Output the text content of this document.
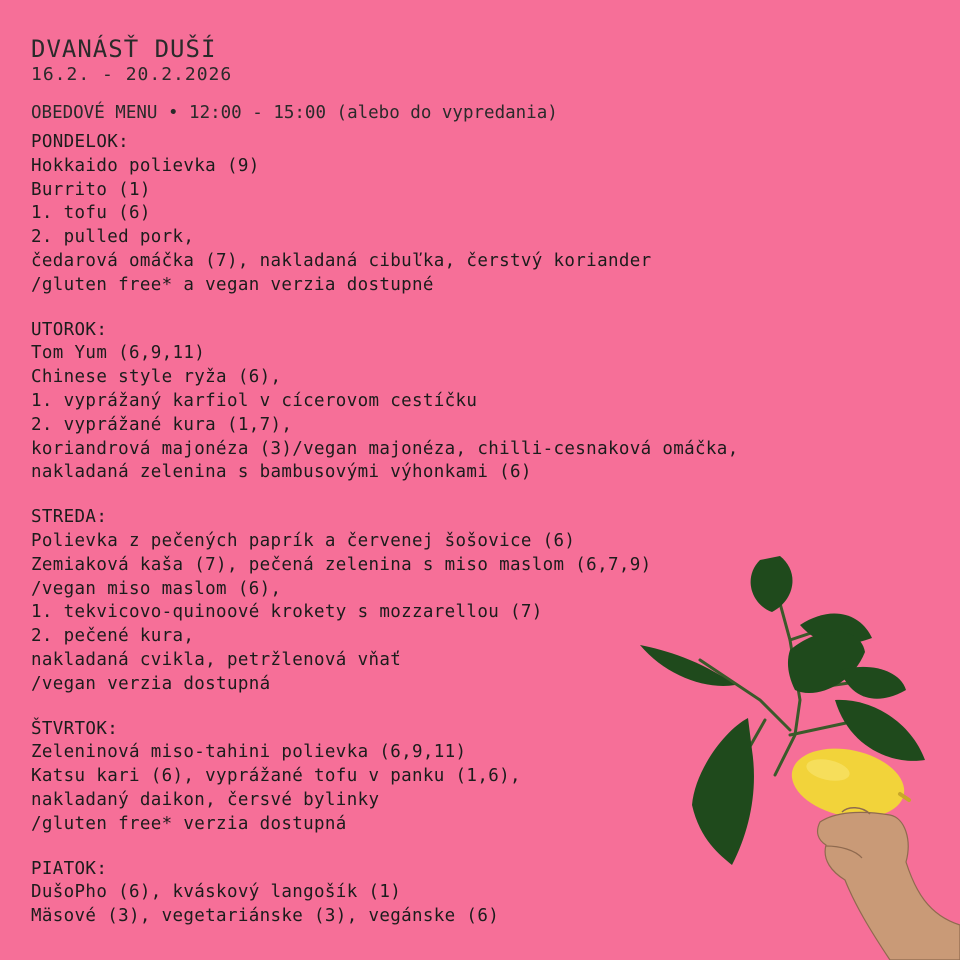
DVANÁSŤ DUŠÍ
16.2. - 20.2.2026
OBEDOVÉ MENU • 12:00 - 15:00 (alebo do vypredania)
PONDELOK:
Hokkaido polievka (9)
Burrito (1)
1. tofu (6)
2. pulled pork,
čedarová omáčka (7), nakladaná cibuľka, čerstvý koriander
/gluten free* a vegan verzia dostupné
UTOROK:
Tom Yum (6,9,11)
Chinese style ryža (6),
1. vyprážaný karfiol v cícerovom cestíčku
2. vyprážané kura (1,7),
koriandrová majonéza (3)/vegan majonéza, chilli-cesnaková omáčka,
nakladaná zelenina s bambusovými výhonkami (6)
STREDA:
Polievka z pečených paprík a červenej šošovice (6)
Zemiaková kaša (7), pečená zelenina s miso maslom (6,7,9)
/vegan miso maslom (6),
1. tekvicovo-quinoové krokety s mozzarellou (7)
2. pečené kura,
nakladaná cvikla, petržlenová vňať
/vegan verzia dostupná
ŠTVRTOK:
Zeleninová miso-tahini polievka (6,9,11)
Katsu kari (6), vyprážané tofu v panku (1,6),
nakladaný daikon, čersvé bylinky
/gluten free* verzia dostupná
PIATOK:
DušoPho (6), kváskový langošík (1)
Mäsové (3), vegetariánske (3), vegánske (6)
